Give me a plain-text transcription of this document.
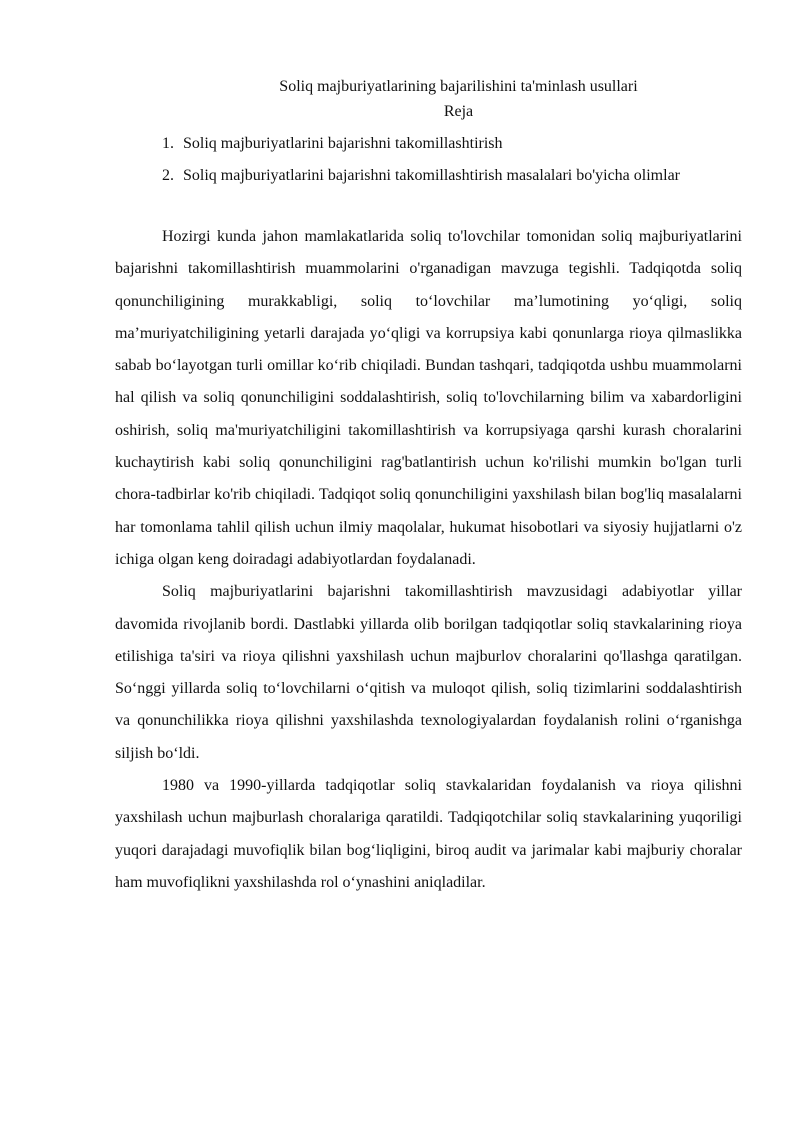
Soliq majburiyatlarining bajarilishini ta'minlash usullari

Reja

1. Soliq majburiyatlarini bajarishni takomillashtirish
2. Soliq majburiyatlarini bajarishni takomillashtirish masalalari bo'yicha olimlar

Hozirgi kunda jahon mamlakatlarida soliq to'lovchilar tomonidan soliq majburiyatlarini bajarishni takomillashtirish muammolarini o'rganadigan mavzuga tegishli. Tadqiqotda soliq qonunchiligining murakkabligi, soliq to‘lovchilar ma’lumotining yo‘qligi, soliq ma’muriyatchiligining yetarli darajada yo‘qligi va korrupsiya kabi qonunlarga rioya qilmaslikka sabab bo‘layotgan turli omillar ko‘rib chiqiladi. Bundan tashqari, tadqiqotda ushbu muammolarni hal qilish va soliq qonunchiligini soddalashtirish, soliq to'lovchilarning bilim va xabardorligini oshirish, soliq ma'muriyatchiligini takomillashtirish va korrupsiyaga qarshi kurash choralarini kuchaytirish kabi soliq qonunchiligini rag'batlantirish uchun ko'rilishi mumkin bo'lgan turli chora-tadbirlar ko'rib chiqiladi. Tadqiqot soliq qonunchiligini yaxshilash bilan bog'liq masalalarni har tomonlama tahlil qilish uchun ilmiy maqolalar, hukumat hisobotlari va siyosiy hujjatlarni o'z ichiga olgan keng doiradagi adabiyotlardan foydalanadi.

Soliq majburiyatlarini bajarishni takomillashtirish mavzusidagi adabiyotlar yillar davomida rivojlanib bordi. Dastlabki yillarda olib borilgan tadqiqotlar soliq stavkalarining rioya etilishiga ta'siri va rioya qilishni yaxshilash uchun majburlov choralarini qo'llashga qaratilgan. So‘nggi yillarda soliq to‘lovchilarni o‘qitish va muloqot qilish, soliq tizimlarini soddalashtirish va qonunchilikka rioya qilishni yaxshilashda texnologiyalardan foydalanish rolini o‘rganishga siljish bo‘ldi.

1980 va 1990-yillarda tadqiqotlar soliq stavkalaridan foydalanish va rioya qilishni yaxshilash uchun majburlash choralariga qaratildi. Tadqiqotchilar soliq stavkalarining yuqoriligi yuqori darajadagi muvofiqlik bilan bog‘liqligini, biroq audit va jarimalar kabi majburiy choralar ham muvofiqlikni yaxshilashda rol o‘ynashini aniqladilar.
